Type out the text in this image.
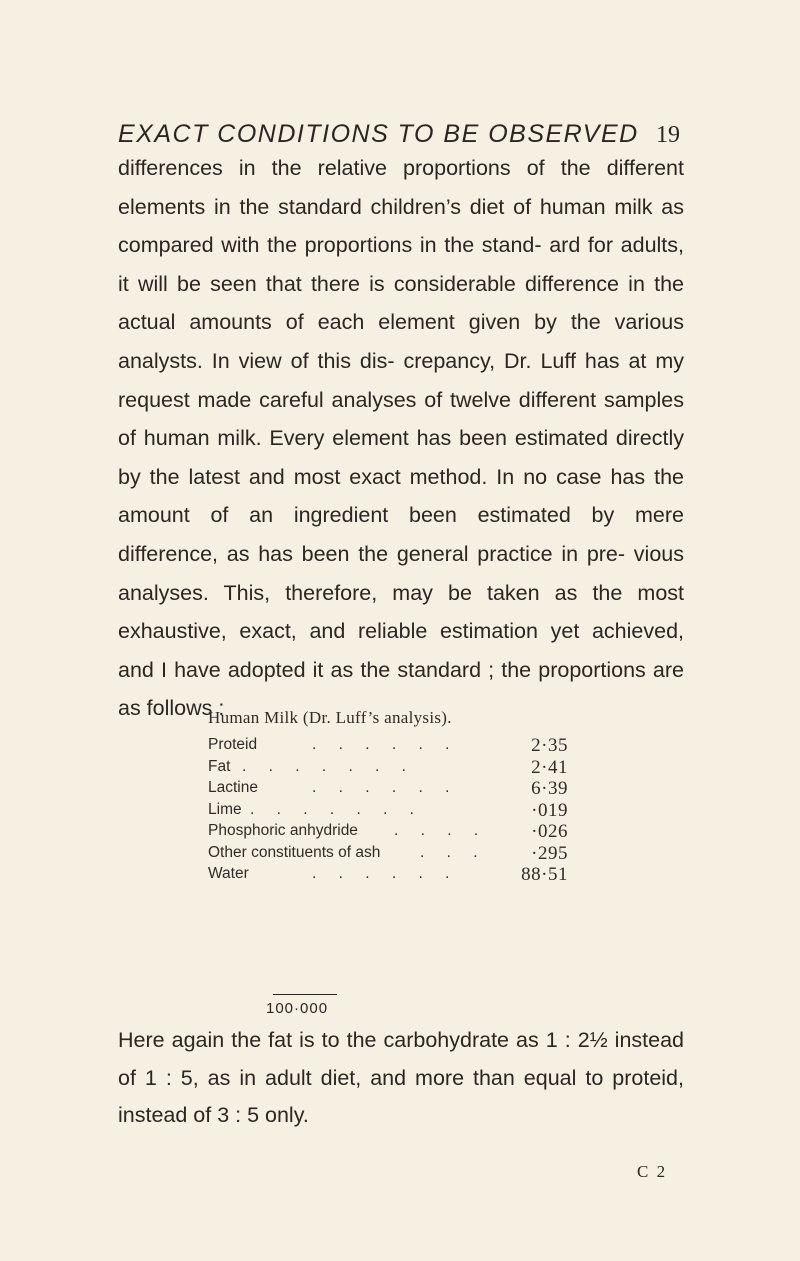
EXACT CONDITIONS TO BE OBSERVED 19

differences in the relative proportions of the different elements in the standard children’s diet of human milk as compared with the proportions in the stand- ard for adults, it will be seen that there is considerable difference in the actual amounts of each element given by the various analysts. In view of this dis- crepancy, Dr. Luff has at my request made careful analyses of twelve different samples of human milk. Every element has been estimated directly by the latest and most exact method. In no case has the amount of an ingredient been estimated by mere difference, as has been the general practice in pre- vious analyses. This, therefore, may be taken as the most exhaustive, exact, and reliable estimation yet achieved, and I have adopted it as the standard ; the proportions are as follows :

Human Milk (Dr. Luff’s analysis).
Proteid	. . . . . .	2·35
Fat . . . . . . .	2·41
Lactine	. . . . . .	6·39
Lime . . . . . . .	·019
Phosphoric anhydride . . . . ·026
Other constituents of ash	. . . ·295
Water	. . . . . .	88·51
100·000

Here again the fat is to the carbohydrate as 1 : 2½ instead of 1 : 5, as in adult diet, and more than equal to proteid, instead of 3 : 5 only.

C 2
